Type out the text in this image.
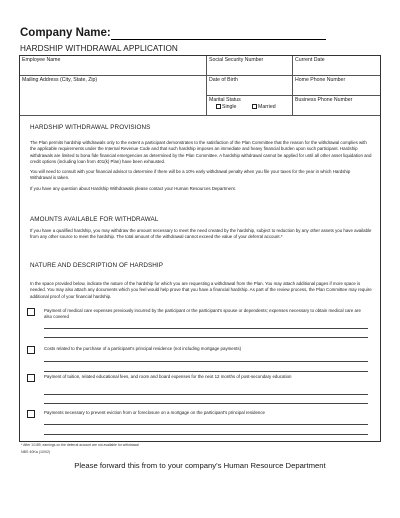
Company Name:
HARDSHIP WITHDRAWAL APPLICATION
Employee Name	Social Security Number	Current Date
Mailing Address (City, State, Zip)	Date of Birth	Home Phone Number
Marital Status	Business Phone Number
Single	Married
HARDSHIP WITHDRAWAL PROVISIONS
The Plan permits hardship withdrawals only to the extent a participant demonstrates to the satisfaction of the Plan Committee that the reason for the withdrawal complies with the applicable requirements under the Internal Revenue Code and that such hardship imposes an immediate and heavy financial burden upon such participant. Hardship withdrawals are limited to bona fide financial emergencies as determined by the Plan Committee. A hardship withdrawal cannot be applied for until all other asset liquidation and credit options (including loan from 401(k) Plan) have been exhausted.
You will need to consult with your financial advisor to determine if there will be a 10% early withdrawal penalty when you file your taxes for the year in which Hardship Withdrawal is taken.
If you have any question about Hardship Withdrawals please contact your Human Resources Department.
AMOUNTS AVAILABLE FOR WITHDRAWAL
If you have a qualified hardship, you may withdraw the amount necessary to meet the need created by the hardship, subject to reduction by any other assets you have available from any other source to meet the hardship. The total amount of the withdrawal cannot exceed the value of your deferral account.*
NATURE AND DESCRIPTION OF HARDSHIP
In the space provided below, indicate the nature of the hardship for which you are requesting a withdrawal from the Plan. You may attach additional pages if more space is needed. You may also attach any documents which you feel would help prove that you have a financial hardship. As part of the review process, the Plan Committee may require additional proof of your financial hardship.
Payment of medical care expenses previously incurred by the participant or the participant's spouse or dependents; expenses necessary to obtain medical care are also covered
Costs related to the purchase of a participant's principal residence (not including mortgage payments)
Payment of tuition, related educational fees, and room and board expenses for the next 12 months of post-secondary education
Payments necessary to prevent eviction from or foreclosure on a mortgage on the participant's principal residence
* After 1/1/89, earnings on the deferral account are not available for withdrawal
NBS 40Ka (10/02)
Please forward this from to your company's Human Resource Department
